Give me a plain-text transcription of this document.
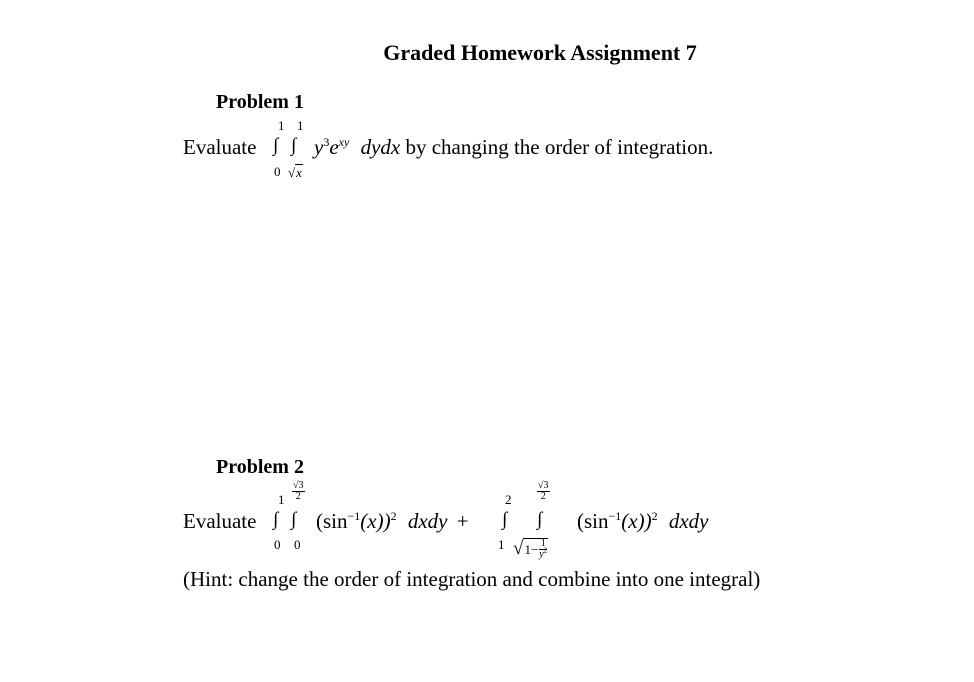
Graded Homework Assignment 7
Problem 1
Evaluate
1
∫
0
1
∫
√ x
$y^3e^{xy}$ dydx by changing the order of integration.
Problem 2
Evaluate
1
∫
0
$\frac{√3}{2}$
∫
0
$(\sin^{-1}(x))^2$ dxdy +
2
∫
1
$\frac{√3}{2}$
∫
√ $1- \frac{1}{y^2}$
$(\sin^{-1}(x))^2$ dxdy
(Hint: change the order of integration and combine into one integral)
